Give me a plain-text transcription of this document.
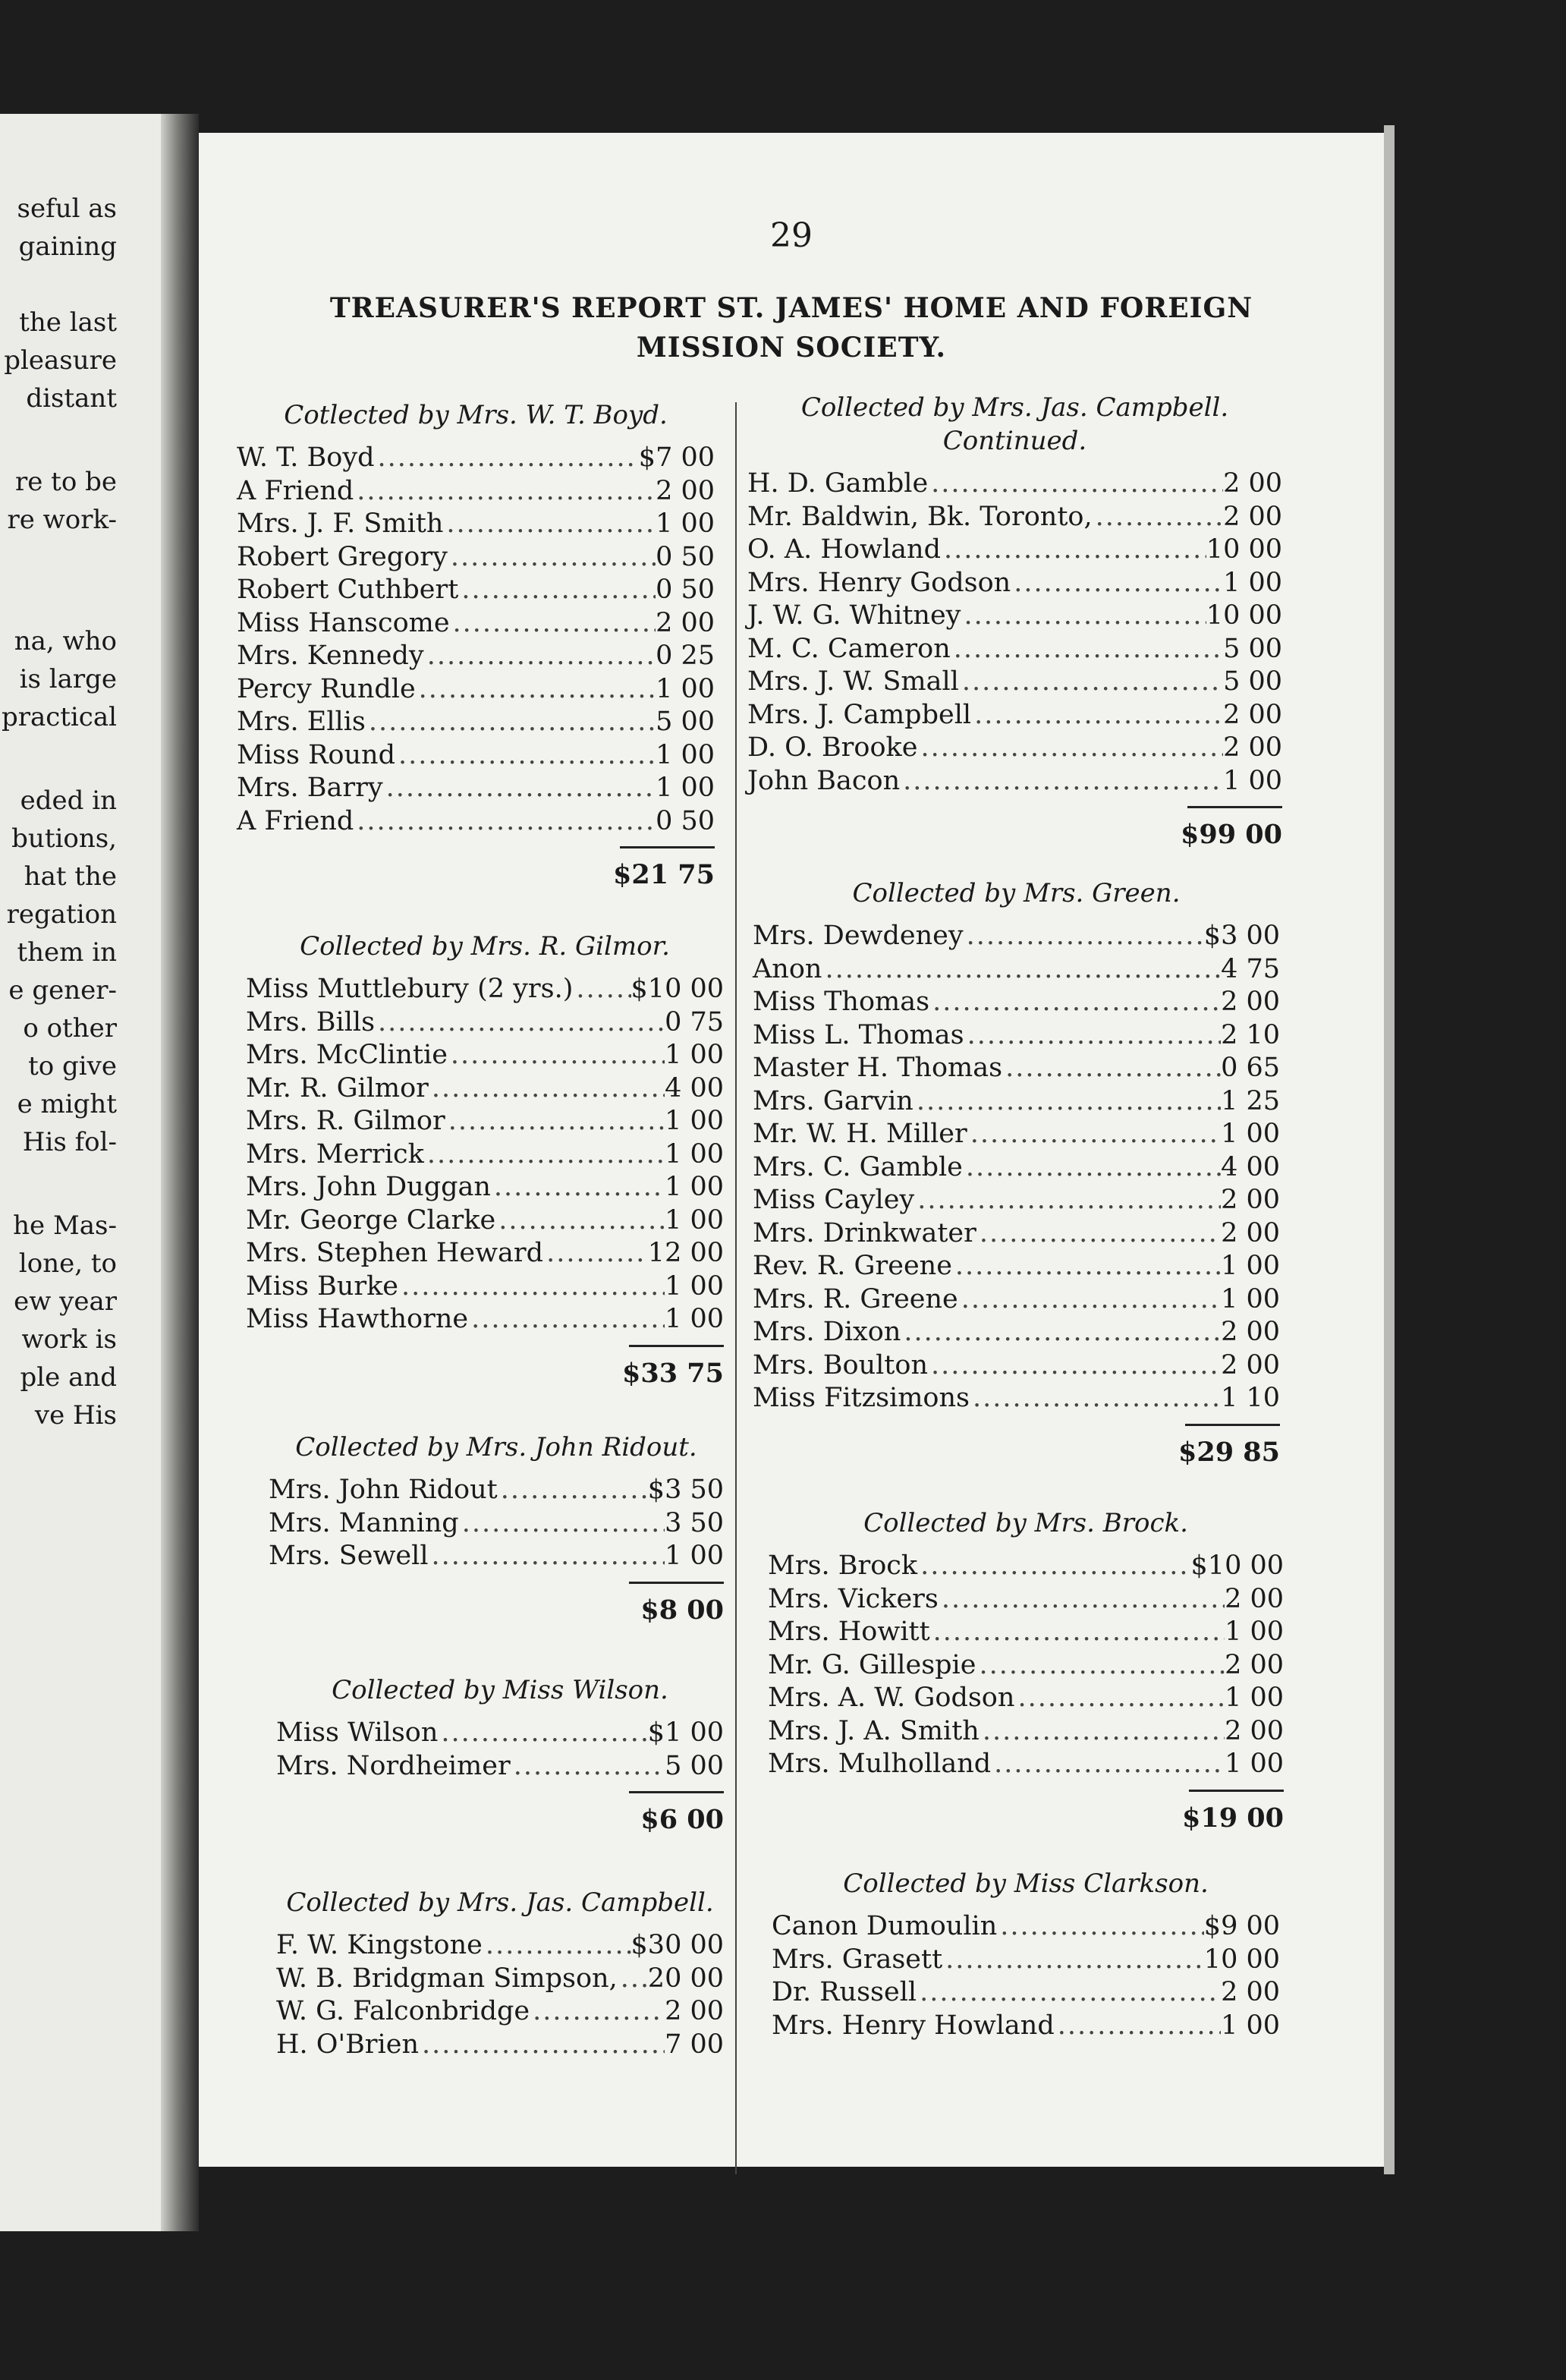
seful as
gaining
the last
pleasure
distant
re to be
re work-
na, who
is large
practical
eded in
butions,
hat the
regation
them in
e gener-
o other
to give
e might
His fol-
he Mas-
lone, to
ew year
work is
ple and
ve His
29
TREASURER'S REPORT ST. JAMES' HOME AND FOREIGN
MISSION SOCIETY.
Cotlected by Mrs. W. T. Boyd.
W. T. Boyd .....	$7 00
A Friend .....	2 00
Mrs. J. F. Smith .....	1 00
Robert Gregory .....	0 50
Robert Cuthbert .....	0 50
Miss Hanscome .....	2 00
Mrs. Kennedy .....	0 25
Percy Rundle .....	1 00
Mrs. Ellis .....	5 00
Miss Round .....	1 00
Mrs. Barry .....	1 00
A Friend .....	0 50
$21 75
Collected by Mrs. R. Gilmor.
Miss Muttlebury (2 yrs.) ..... $10 00
Mrs. Bills .....	0 75
Mrs. McClintie .....	1 00
Mr. R. Gilmor .....	4 00
Mrs. R. Gilmor .....	1 00
Mrs. Merrick .....	1 00
Mrs. John Duggan .....	1 00
Mr. George Clarke .....	1 00
Mrs. Stephen Heward .....	12 00
Miss Burke .....	1 00
Miss Hawthorne .....	1 00
$33 75
Collected by Mrs. John Ridout.
Mrs. John Ridout .....	$3 50
Mrs. Manning .....	3 50
Mrs. Sewell .....	1 00
$8 00
Collected by Miss Wilson.
Miss Wilson .....	$1 00
Mrs. Nordheimer .....	5 00
$6 00
Collected by Mrs. Jas. Campbell.
F. W. Kingstone .....	$30 00
W. B. Bridgman Simpson, ..... 20 00
W. G. Falconbridge .....	2 00
H. O'Brien .....	7 00
Collected by Mrs. Jas. Campbell.
Continued.
H. D. Gamble .....	2 00
Mr. Baldwin, Bk. Toronto, .....	2 00
O. A. Howland .....	10 00
Mrs. Henry Godson .....	1 00
J. W. G. Whitney .....	10 00
M. C. Cameron .....	5 00
Mrs. J. W. Small .....	5 00
Mrs. J. Campbell .....	2 00
D. O. Brooke .....	2 00
John Bacon .....	1 00
$99 00
Collected by Mrs. Green.
Mrs. Dewdeney .....	$3 00
Anon .....	4 75
Miss Thomas .....	2 00
Miss L. Thomas .....	2 10
Master H. Thomas .....	0 65
Mrs. Garvin .....	1 25
Mr. W. H. Miller .....	1 00
Mrs. C. Gamble .....	4 00
Miss Cayley .....	2 00
Mrs. Drinkwater .....	2 00
Rev. R. Greene .....	1 00
Mrs. R. Greene .....	1 00
Mrs. Dixon .....	2 00
Mrs. Boulton .....	2 00
Miss Fitzsimons .....	1 10
$29 85
Collected by Mrs. Brock.
Mrs. Brock .....	$10 00
Mrs. Vickers .....	2 00
Mrs. Howitt .....	1 00
Mr. G. Gillespie .....	2 00
Mrs. A. W. Godson .....	1 00
Mrs. J. A. Smith .....	2 00
Mrs. Mulholland .....	1 00
$19 00
Collected by Miss Clarkson.
Canon Dumoulin .....	$9 00
Mrs. Grasett .....	10 00
Dr. Russell .....	2 00
Mrs. Henry Howland .....	1 00
